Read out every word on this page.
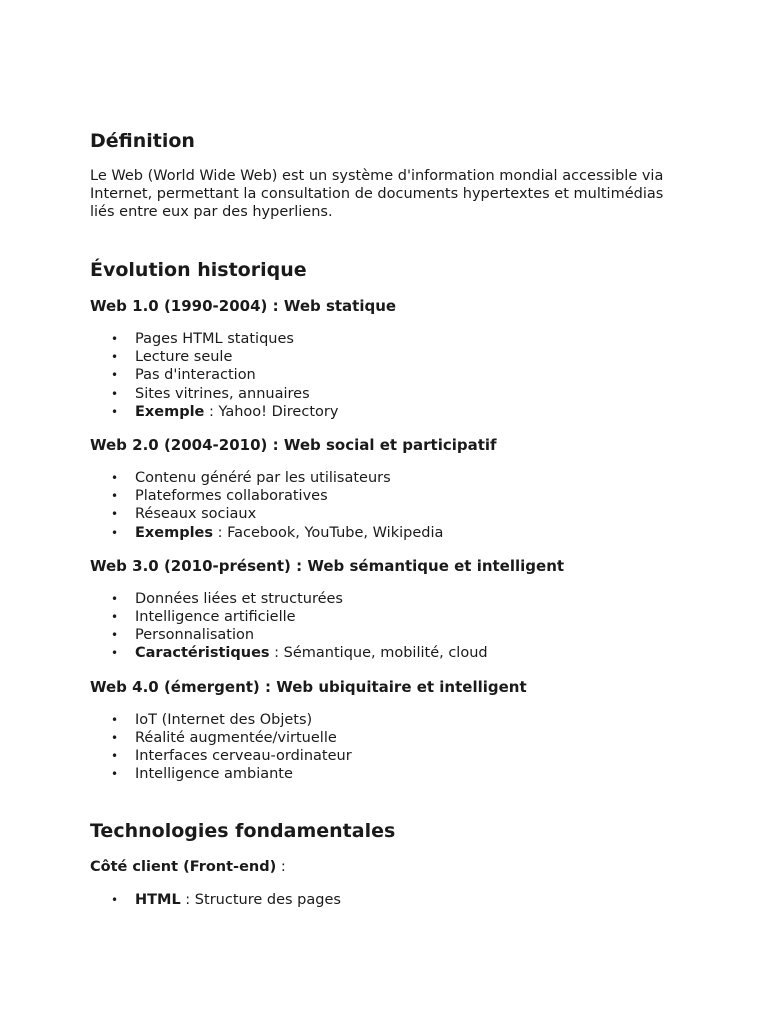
Définition

Le Web (World Wide Web) est un système d'information mondial accessible via Internet, permettant la consultation de documents hypertextes et multimédias liés entre eux par des hyperliens.

Évolution historique
Web 1.0 (1990-2004) : Web statique
• Pages HTML statiques
• Lecture seule
• Pas d'interaction
• Sites vitrines, annuaires
• Exemple : Yahoo! Directory
Web 2.0 (2004-2010) : Web social et participatif
• Contenu généré par les utilisateurs
• Plateformes collaboratives
• Réseaux sociaux
• Exemples : Facebook, YouTube, Wikipedia
Web 3.0 (2010-présent) : Web sémantique et intelligent
• Données liées et structurées
• Intelligence artificielle
• Personnalisation
• Caractéristiques : Sémantique, mobilité, cloud
Web 4.0 (émergent) : Web ubiquitaire et intelligent
• IoT (Internet des Objets)
• Réalité augmentée/virtuelle
• Interfaces cerveau-ordinateur
• Intelligence ambiante
Technologies fondamentales
Côté client (Front-end) :
• HTML : Structure des pages
